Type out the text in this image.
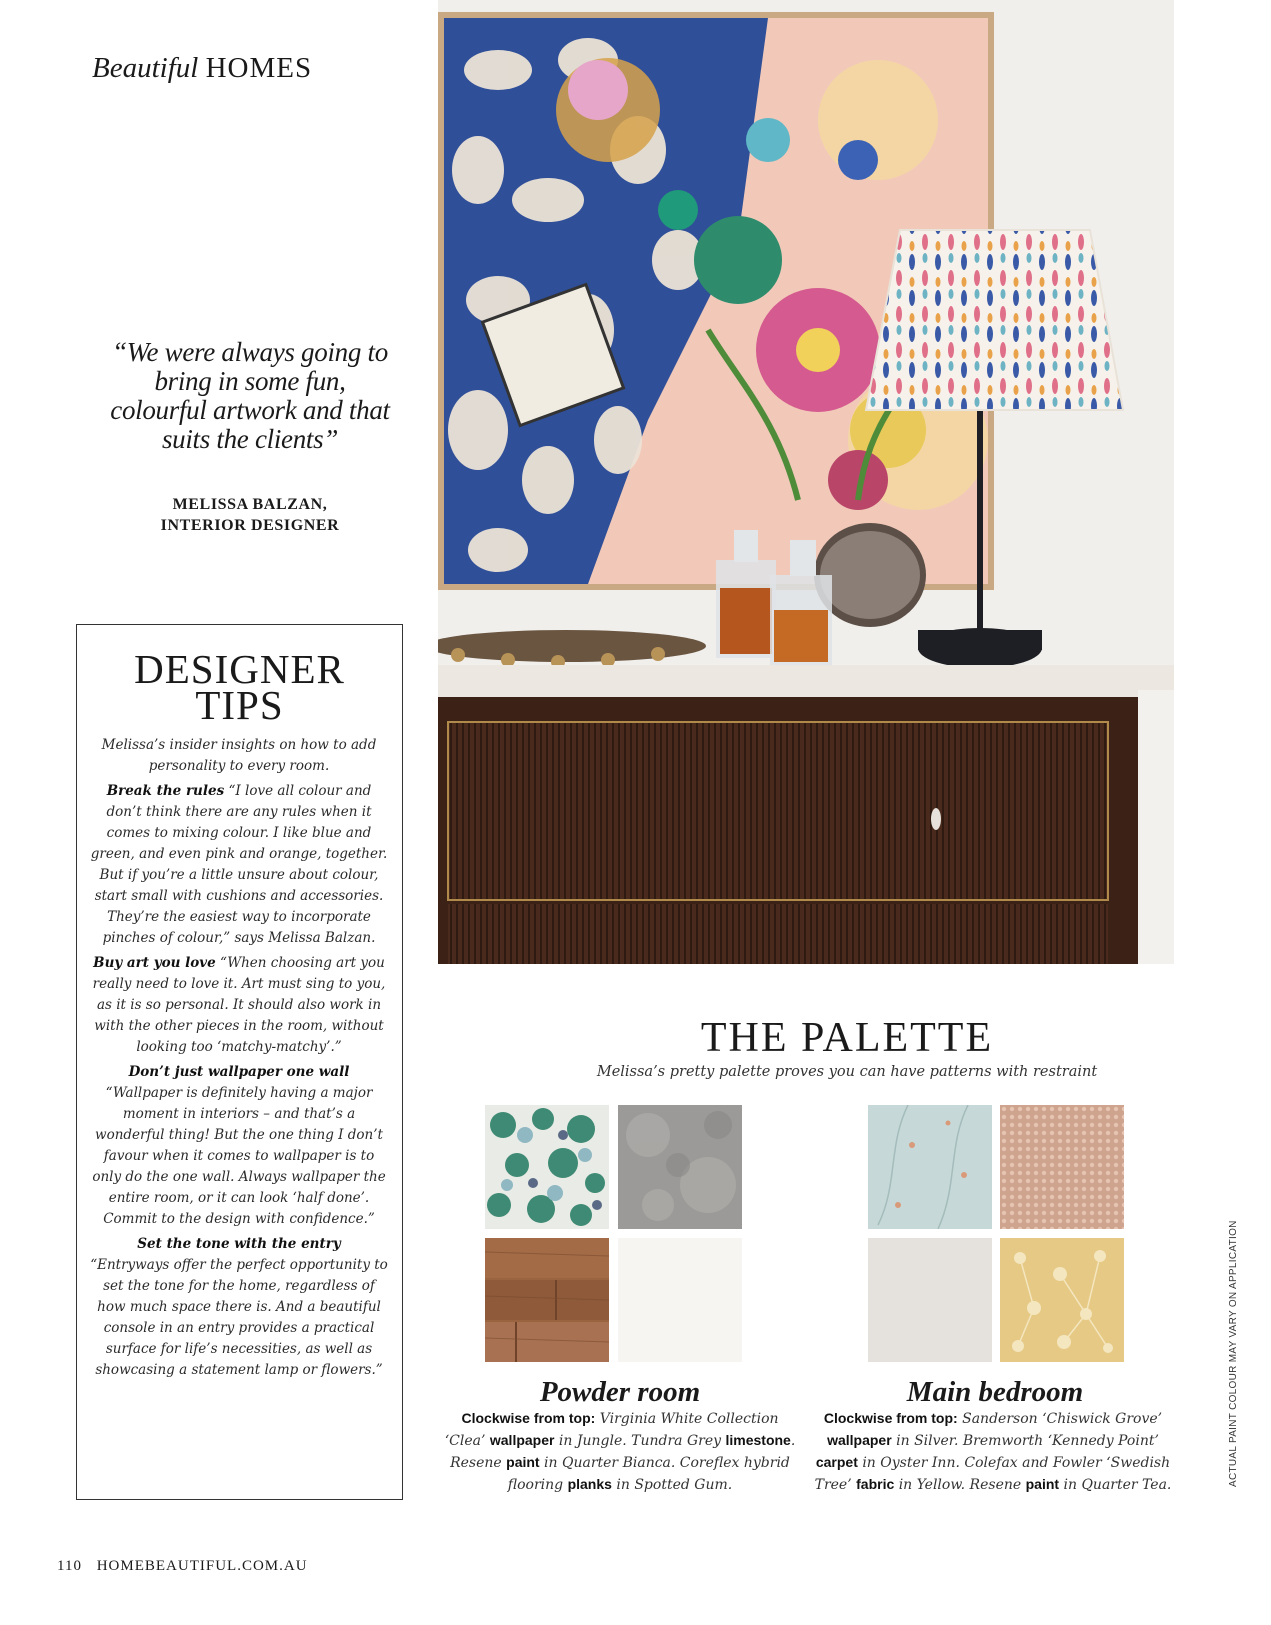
Beautiful HOMES
“We were always going to bring in some fun, colourful artwork and that suits the clients”
MELISSA BALZAN,
INTERIOR DESIGNER
DESIGNER
TIPS

Melissa’s insider insights on how to add personality to every room.

Break the rules “I love all colour and don’t think there are any rules when it comes to mixing colour. I like blue and green, and even pink and orange, together. But if you’re a little unsure about colour, start small with cushions and accessories. They’re the easiest way to incorporate pinches of colour,” says Melissa Balzan.

Buy art you love “When choosing art you really need to love it. Art must sing to you, as it is so personal. It should also work in with the other pieces in the room, without looking too ‘matchy-matchy’.”

Don’t just wallpaper one wall
“Wallpaper is definitely having a major moment in interiors – and that’s a wonderful thing! But the one thing I don’t favour when it comes to wallpaper is to only do the one wall. Always wallpaper the entire room, or it can look ‘half done’. Commit to the design with confidence.”

Set the tone with the entry
“Entryways offer the perfect opportunity to set the tone for the home, regardless of how much space there is. And a beautiful console in an entry provides a practical surface for life’s necessities, as well as showcasing a statement lamp or flowers.”

THE PALETTE
Melissa’s pretty palette proves you can have patterns with restraint
Powder room
Clockwise from top: Virginia White Collection ‘Clea’ wallpaper in Jungle. Tundra Grey limestone. Resene paint in Quarter Bianca. Coreflex hybrid flooring planks in Spotted Gum.
Main bedroom
Clockwise from top: Sanderson ‘Chiswick Grove’ wallpaper in Silver. Bremworth ‘Kennedy Point’ carpet in Oyster Inn. Colefax and Fowler ‘Swedish Tree’ fabric in Yellow. Resene paint in Quarter Tea.	ACTUAL PAINT COLOUR MAY VARY ON APPLICATION
110 HOMEBEAUTIFUL.COM.AU
